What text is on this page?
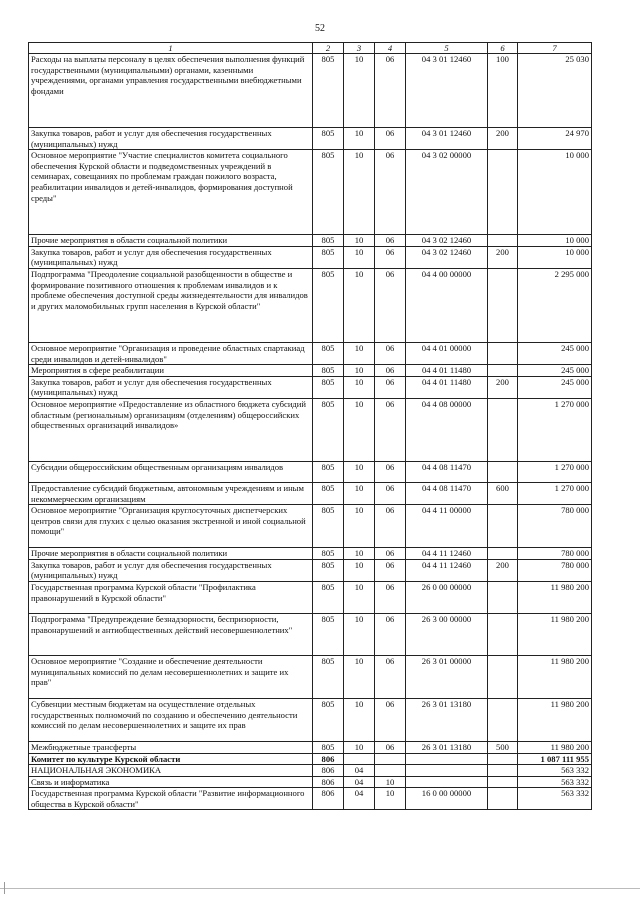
52
1	2	3	4	5	6	7
Расходы на выплаты персоналу в целях обеспечения выполнения функций государственными (муниципальными) органами, казенными учреждениями, органами управления государственными внебюджетными фондами	805	10	06	04 3 01 12460	100	25 030
Закупка товаров, работ и услуг для обеспечения государственных (муниципальных) нужд	805	10	06	04 3 01 12460	200	24 970
Основное мероприятие "Участие специалистов комитета социального обеспечения Курской области и подведомственных учреждений в семинарах, совещаниях по проблемам граждан пожилого возраста, реабилитации инвалидов и детей-инвалидов, формирования доступной среды"	805	10	06	04 3 02 00000		10 000
Прочие мероприятия в области социальной политики	805	10	06	04 3 02 12460		10 000
Закупка товаров, работ и услуг для обеспечения государственных (муниципальных) нужд	805	10	06	04 3 02 12460	200	10 000
Подпрограмма "Преодоление социальной разобщенности в обществе и формирование позитивного отношения к проблемам инвалидов и к проблеме обеспечения доступной среды жизнедеятельности для инвалидов и других маломобильных групп населения в Курской области"	805	10	06	04 4 00 00000		2 295 000
Основное мероприятие "Организация и проведение областных спартакиад среди инвалидов и детей-инвалидов"	805	10	06	04 4 01 00000		245 000
Мероприятия в сфере реабилитации	805	10	06	04 4 01 11480		245 000
Закупка товаров, работ и услуг для обеспечения государственных (муниципальных) нужд	805	10	06	04 4 01 11480	200	245 000
Основное мероприятие «Предоставление из областного бюджета субсидий областным (региональным) организациям (отделениям) общероссийских общественных организаций инвалидов»	805	10	06	04 4 08 00000		1 270 000
Субсидии общероссийским общественным организациям инвалидов	805	10	06	04 4 08 11470		1 270 000
Предоставление субсидий бюджетным, автономным учреждениям и иным некоммерческим организациям	805	10	06	04 4 08 11470	600	1 270 000
Основное мероприятие "Организация круглосуточных диспетчерских центров связи для глухих с целью оказания экстренной и иной социальной помощи"	805	10	06	04 4 11 00000		780 000
Прочие мероприятия в области социальной политики	805	10	06	04 4 11 12460		780 000
Закупка товаров, работ и услуг для обеспечения государственных (муниципальных) нужд	805	10	06	04 4 11 12460	200	780 000
Государственная программа Курской области "Профилактика правонарушений в Курской области"	805	10	06	26 0 00 00000		11 980 200
Подпрограмма "Предупреждение безнадзорности, беспризорности, правонарушений и антиобщественных действий несовершеннолетних"	805	10	06	26 3 00 00000		11 980 200
Основное мероприятие "Создание и обеспечение деятельности муниципальных комиссий по делам несовершеннолетних и защите их прав"	805	10	06	26 3 01 00000		11 980 200
Субвенции местным бюджетам на осуществление отдельных государственных полномочий по созданию и обеспечению деятельности комиссий по делам несовершеннолетних и защите их прав	805	10	06	26 3 01 13180		11 980 200
Межбюджетные трансферты	805	10	06	26 3 01 13180	500	11 980 200
Комитет по культуре Курской области	806					1 087 111 955
НАЦИОНАЛЬНАЯ ЭКОНОМИКА	806	04				563 332
Связь и информатика	806	04	10			563 332
Государственная программа Курской области "Развитие информационного общества в Курской области"	806	04	10	16 0 00 00000		563 332
